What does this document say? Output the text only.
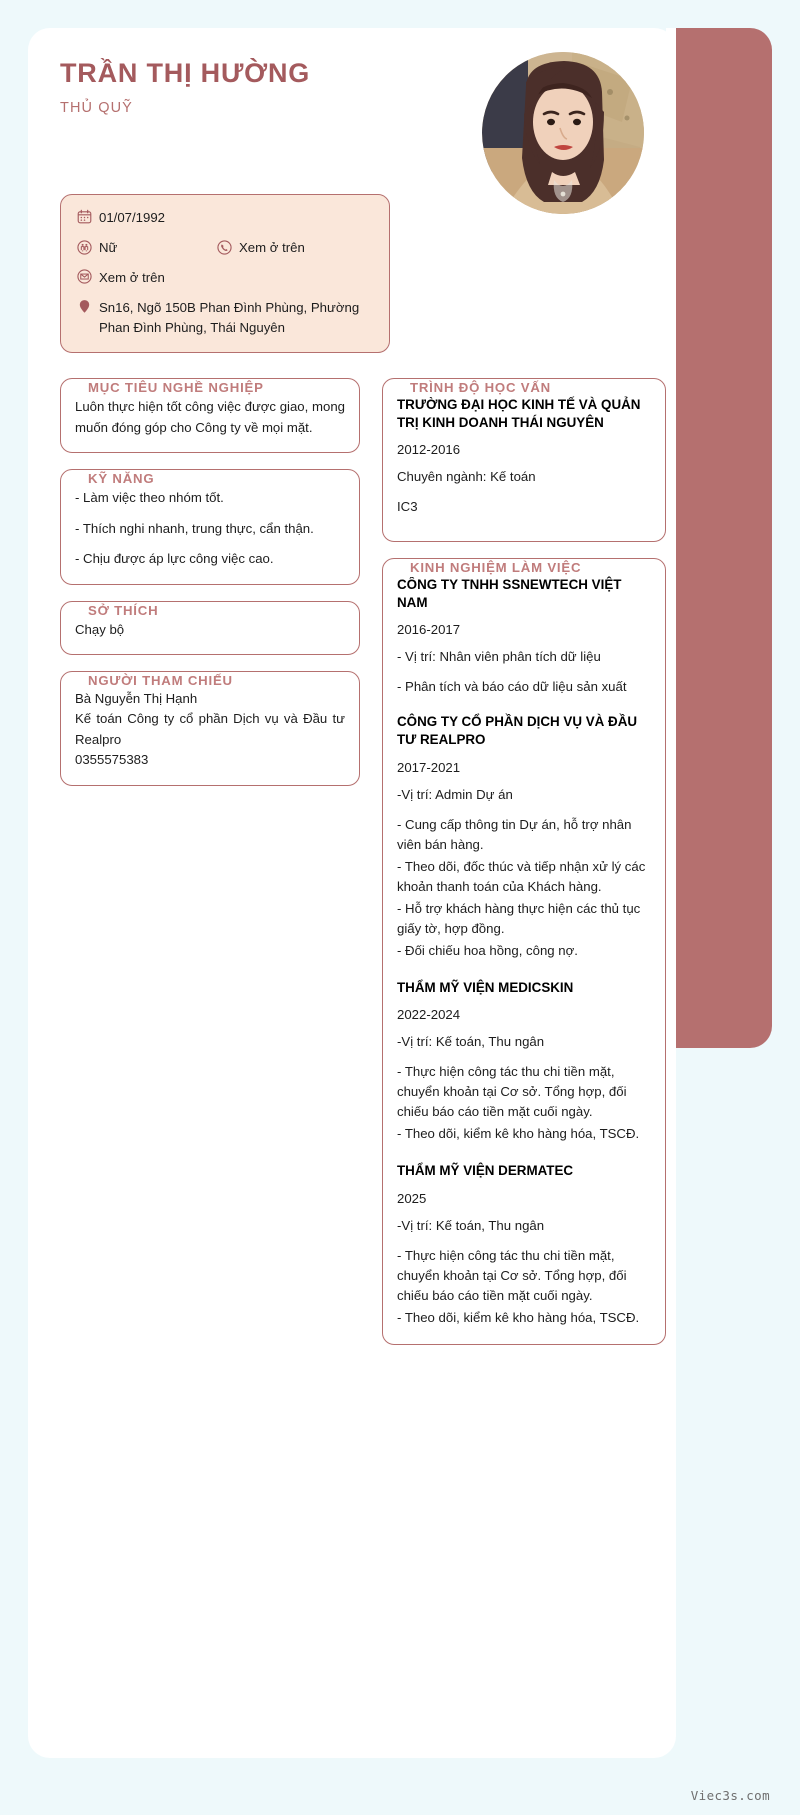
TRẦN THỊ HƯỜNG
THỦ QUỸ
01/07/1992
Nữ	Xem ở trên
Xem ở trên
Sn16, Ngõ 150B Phan Đình Phùng, Phường Phan Đình Phùng, Thái Nguyên
MỤC TIÊU NGHỀ NGHIỆP
Luôn thực hiện tốt công việc được giao, mong muốn đóng góp cho Công ty về mọi mặt.
KỸ NĂNG

- Làm việc theo nhóm tốt.

- Thích nghi nhanh, trung thực, cẩn thận.

- Chịu được áp lực công việc cao.

SỞ THÍCH
Chạy bộ
NGƯỜI THAM CHIẾU
Bà Nguyễn Thị Hạnh
Kế toán Công ty cổ phần Dịch vụ và Đầu tư Realpro
0355575383
TRÌNH ĐỘ HỌC VẤN
TRƯỜNG ĐẠI HỌC KINH TẾ VÀ QUẢN TRỊ KINH DOANH THÁI NGUYÊN
2012-2016
Chuyên ngành: Kế toán
IC3
KINH NGHIỆM LÀM VIỆC
CÔNG TY TNHH SSNEWTECH VIỆT NAM
2016-2017
- Vị trí: Nhân viên phân tích dữ liệu
- Phân tích và báo cáo dữ liệu sản xuất
CÔNG TY CỔ PHẦN DỊCH VỤ VÀ ĐẦU TƯ REALPRO
2017-2021
-Vị trí: Admin Dự án
- Cung cấp thông tin Dự án, hỗ trợ nhân viên bán hàng.
- Theo dõi, đốc thúc và tiếp nhận xử lý các khoản thanh toán của Khách hàng.
- Hỗ trợ khách hàng thực hiện các thủ tục giấy tờ, hợp đồng.
- Đối chiếu hoa hồng, công nợ.
THẨM MỸ VIỆN MEDICSKIN
2022-2024
-Vị trí: Kế toán, Thu ngân
- Thực hiện công tác thu chi tiền mặt, chuyển khoản tại Cơ sở. Tổng hợp, đối chiếu báo cáo tiền mặt cuối ngày.
- Theo dõi, kiểm kê kho hàng hóa, TSCĐ.
THẨM MỸ VIỆN DERMATEC
2025
-Vị trí: Kế toán, Thu ngân
- Thực hiện công tác thu chi tiền mặt, chuyển khoản tại Cơ sở. Tổng hợp, đối chiếu báo cáo tiền mặt cuối ngày.
- Theo dõi, kiểm kê kho hàng hóa, TSCĐ.
Viec3s.com
